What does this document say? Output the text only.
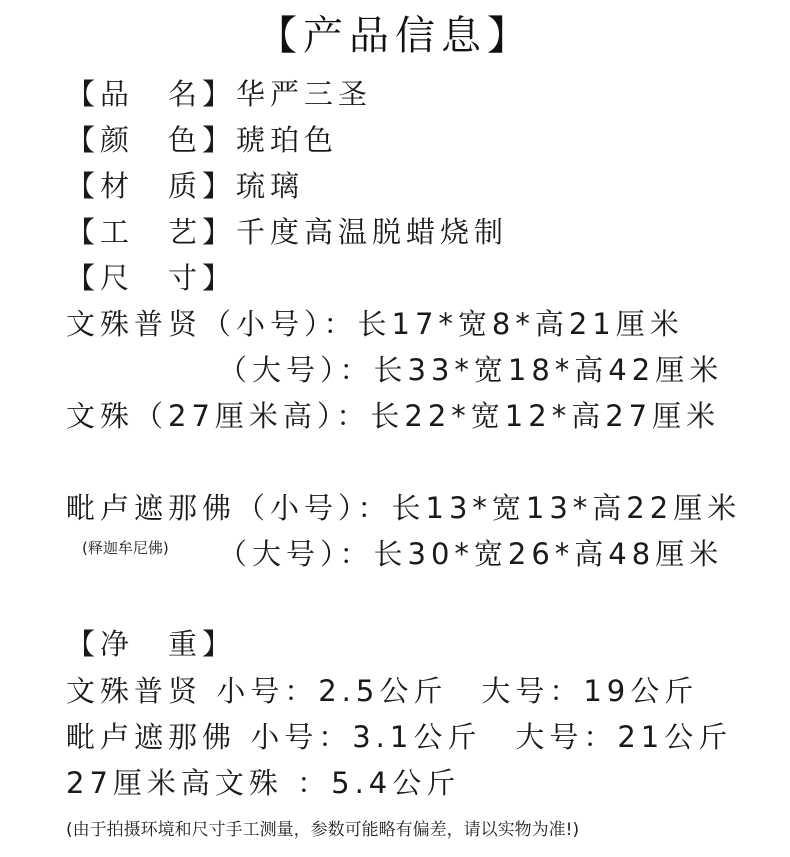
【产品信息】
【品　名】华严三圣
【颜　色】琥珀色
【材　质】琉璃
【工　艺】千度高温脱蜡烧制
【尺　寸】
文殊普贤（小号）：长17*宽8*高21厘米
（大号）：长33*宽18*高42厘米
文殊（27厘米高）：长22*宽12*高27厘米
毗卢遮那佛（小号）：长13*宽13*高22厘米
(释迦牟尼佛) （大号）：长30*宽26*高48厘米
【净　重】
文殊普贤 小号：2.5公斤　大号：19公斤
毗卢遮那佛 小号：3.1公斤　大号：21公斤
27厘米高文殊 ：5.4公斤
(由于拍摄环境和尺寸手工测量，参数可能略有偏差，请以实物为准!)
